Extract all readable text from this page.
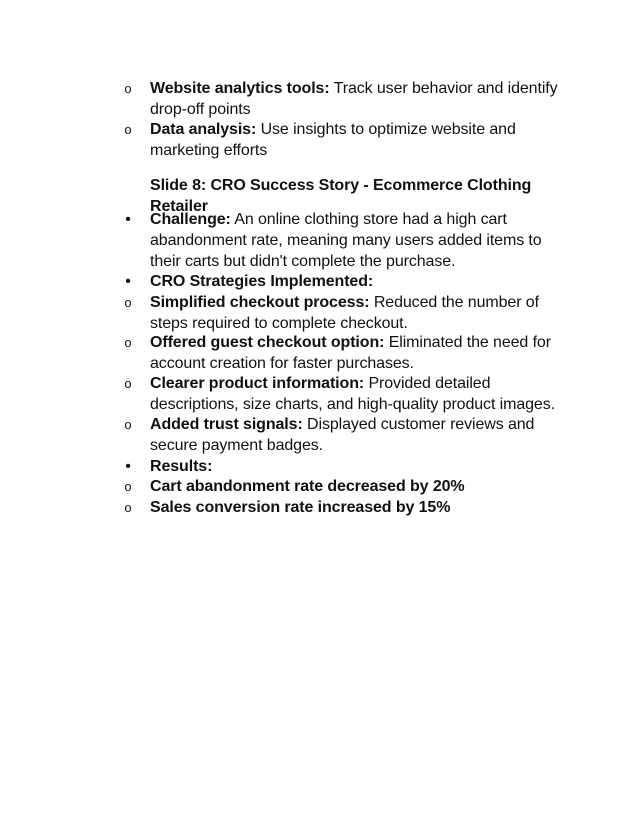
o	Website analytics tools: Track user behavior and identify drop-off points
o	Data analysis: Use insights to optimize website and marketing efforts
Slide 8: CRO Success Story - Ecommerce Clothing Retailer
•	Challenge: An online clothing store had a high cart abandonment rate, meaning many users added items to their carts but didn't complete the purchase.
•	CRO Strategies Implemented:
o	Simplified checkout process: Reduced the number of steps required to complete checkout.
o	Offered guest checkout option: Eliminated the need for account creation for faster purchases.
o	Clearer product information: Provided detailed descriptions, size charts, and high-quality product images.
o	Added trust signals: Displayed customer reviews and secure payment badges.
•	Results:
o	Cart abandonment rate decreased by 20%
o	Sales conversion rate increased by 15%
